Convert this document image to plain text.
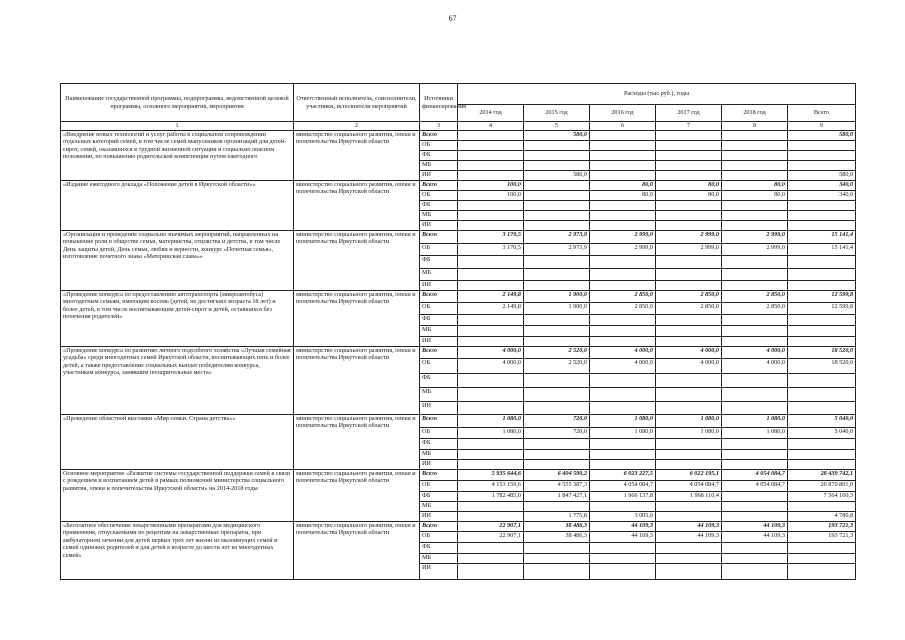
67
Наименование государственной программы, подпрограммы, ведомственной целевой программы, основного мероприятия, мероприятия	Ответственный исполнитель, соисполнители, участники, исполнители мероприятий	Источники финансирования	Расходы (тыс.руб.), годы					
			2014 год	2015 год	2016 год	2017 год	2018 год	Всего
1	2	3	4	5	6	7	8	9
«Внедрение новых технологий и услуг работы в социальном сопровождении отдельных категорий семей, в том числе семей выпускников организаций для детей-сирот, семей, оказавшихся в трудной жизненной ситуации и социально опасном положении, по повышению родительской компетенции путем ежегодного	министерство социального развития, опеки и попечительства Иркутской области	Всего		580,0				580,0
		ОБ						
		ФБ						
		МБ						
		ИИ		580,0				580,0
«Издание ежегодного доклада «Положение детей в Иркутской области»»	министерство социального развития, опеки и попечительства Иркутской области	Всего	100,0		80,0	80,0	80,0	340,0
		ОБ	100,0		80,0	80,0	80,0	340,0
		ФБ						
		МБ						
		ИИ						
«Организация и проведение социально значимых мероприятий, направленных на повышение роли в обществе семьи, материнства, отцовства и детства, в том числе День защиты детей, День семьи, любви и верности, конкурс «Почетная семья», изготовление почетного знака «Материнская слава»»	министерство социального развития, опеки и попечительства Иркутской области	Всего	3 170,5	2 973,9	2 999,0	2 999,0	2 999,0	15 141,4
		ОБ	3 170,5	2 973,9	2 999,0	2 999,0	2 999,0	15 141,4
		ФБ						
		МБ						
		ИИ						
«Проведение конкурса по предоставлению автотранспорта (микроавтобуса) многодетным семьям, имеющим восемь (детей, не достигших возраста 18 лет) и более детей, в том числе воспитывающим детей-сирот и детей, оставшихся без попечения родителей»	министерство социального развития, опеки и попечительства Иркутской области	Всего	2 149,8	1 900,0	2 850,0	2 850,0	2 850,0	12 599,8
		ОБ	2 149,8	1 900,0	2 850,0	2 850,0	2 850,0	12 599,8
		ФБ						
		МБ						
		ИИ						
«Проведение конкурса по развитию личного подсобного хозяйства «Лучшая семейная усадьба» среди многодетных семей Иркутской области, воспитывающих пять и более детей, а также предоставление социальных выплат победителям конкурса, участникам конкурса, занявшим поощрительные места»	министерство социального развития, опеки и попечительства Иркутской области	Всего	4 000,0	2 520,0	4 000,0	4 000,0	4 000,0	18 520,0
		ОБ	4 000,0	2 520,0	4 000,0	4 000,0	4 000,0	18 520,0
		ФБ						
		МБ						
		ИИ						
«Проведение областной выставки «Мир семьи. Страна детства»»	министерство социального развития, опеки и попечительства Иркутской области	Всего	1 080,0	720,0	1 080,0	1 080,0	1 080,0	5 040,0
		ОБ	1 080,0	720,0	1 080,0	1 080,0	1 080,0	5 040,0
		ФБ						
		МБ						
		ИИ						
Основное мероприятие «Развитие системы государственной поддержки семей в связи с рождением и воспитанием детей в рамках полномочий министерства социального развития, опеки и попечительства Иркутской области» на 2014-2018 годы	министерство социального развития, опеки и попечительства Иркутской области	Всего	5 935 644,6	6 404 590,2	6 023 227,5	6 022 195,1	4 054 084,7	28 439 742,1
		ОБ	4 153 159,6	4 555 387,3	4 054 084,7	4 054 084,7	4 054 084,7	20 870 801,0
		ФБ	1 782 485,0	1 847 427,1	1 966 137,8	1 968 110,4		7 564 160,3
		МБ						
		ИИ		1 775,8	3 005,0			4 780,8
«Бесплатное обеспечение лекарственными препаратами для медицинского применения, отпускаемыми по рецептам на лекарственные препараты, при амбулаторном лечении для детей первых трех лет жизни из малоимущих семей и семей одиноких родителей и для детей в возрасте до шести лет из многодетных семей»	министерство социального развития, опеки и попечительства Иркутской области	Всего	22 907,1	38 486,3	44 109,3	44 109,3	44 109,3	193 721,3
		ОБ	22 907,1	38 486,3	44 109,3	44 109,3	44 109,3	193 721,3
		ФБ						
		МБ						
		ИИ						
